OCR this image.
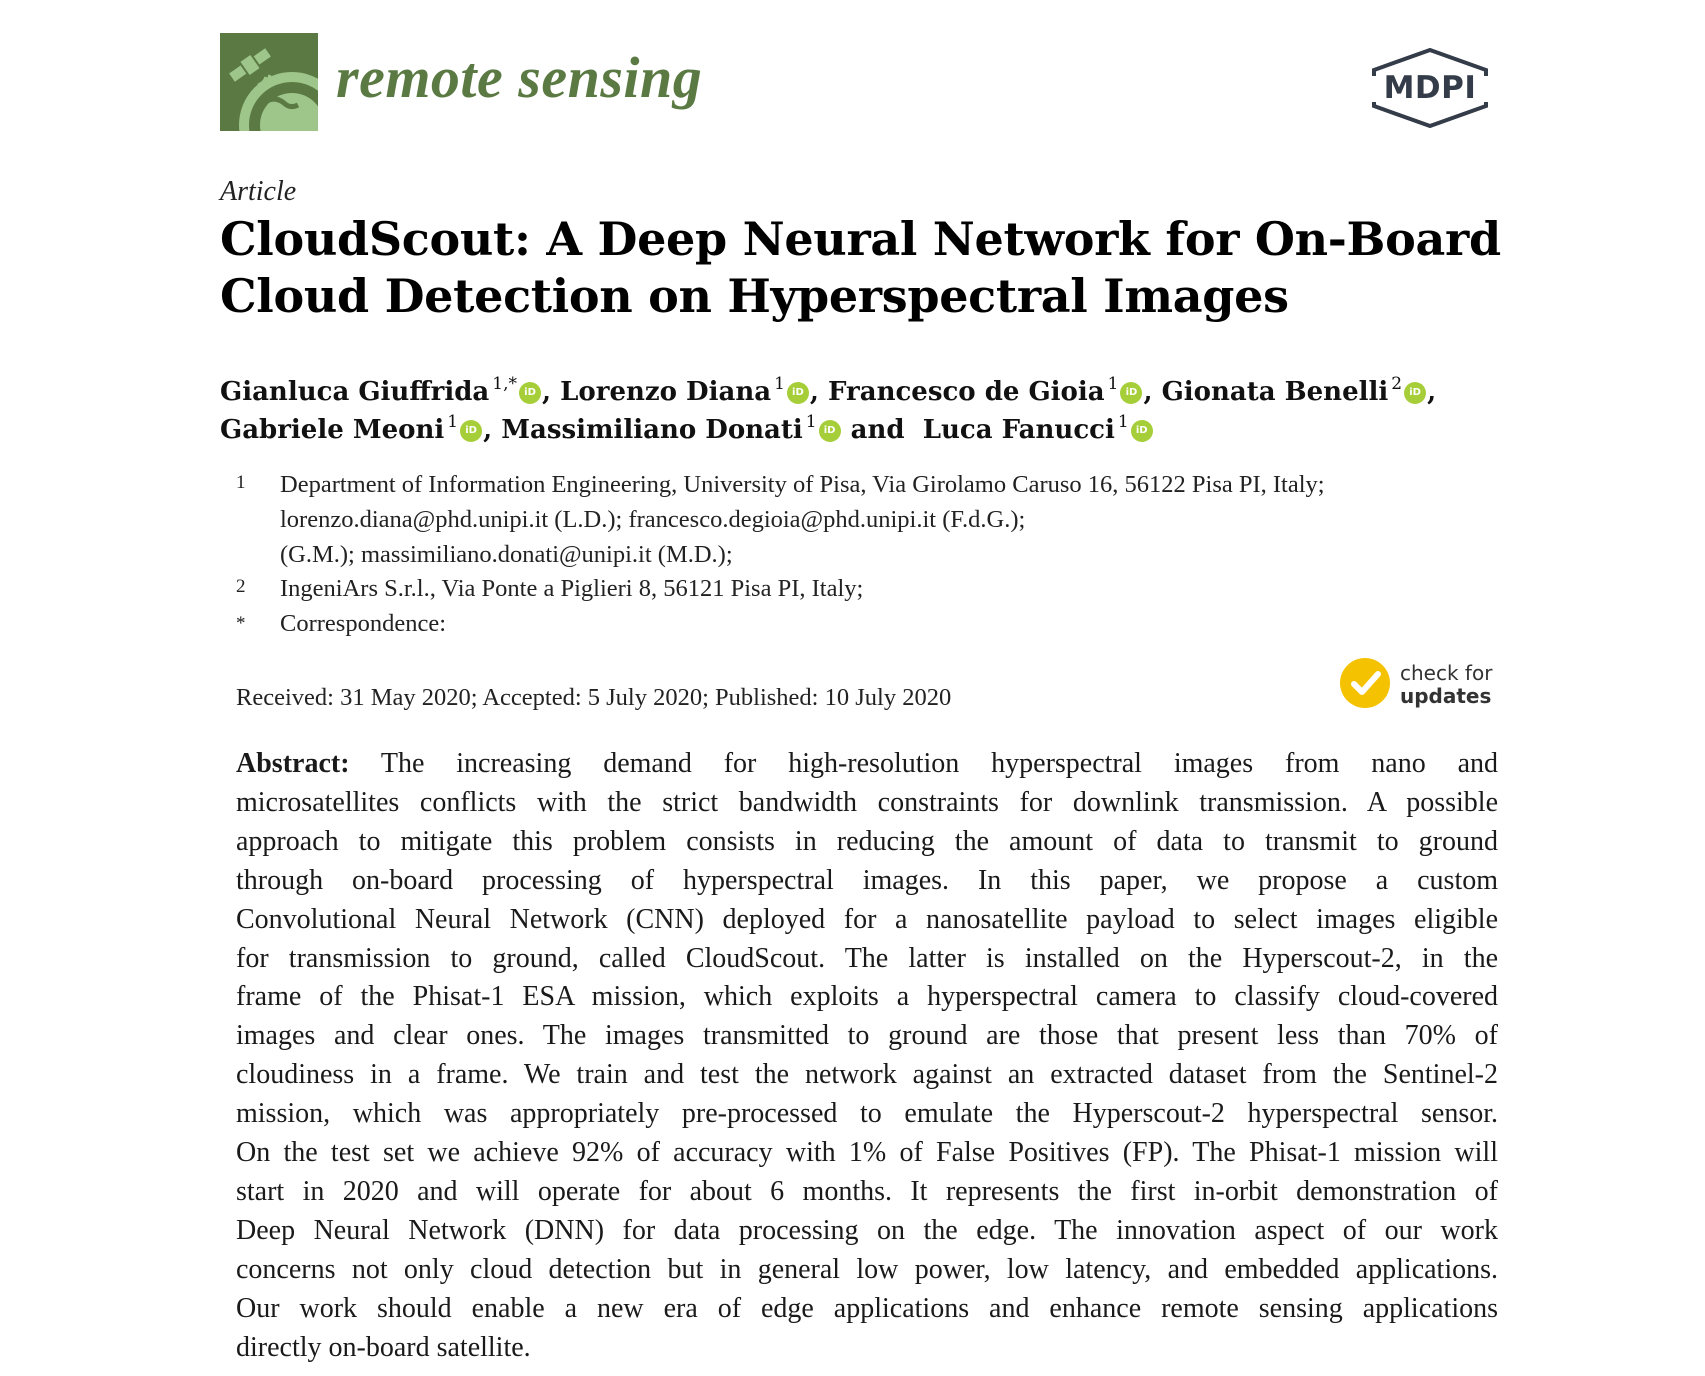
remote sensing	MDPI
Article
CloudScout: A Deep Neural Network for On-Board
Cloud Detection on Hyperspectral Images
Gianluca Giuffrida $^{1,*}$ iD , Lorenzo Diana $^1$ iD , Francesco de Gioia $^1$ iD , Gionata Benelli $^2$ iD ,
Gabriele Meoni $^1$ iD , Massimiliano Donati $^1$ iD and  Luca Fanucci $^1$ iD
1 Department of Information Engineering, University of Pisa, Via Girolamo Caruso 16, 56122 Pisa PI, Italy;
lorenzo.diana@phd.unipi.it (L.D.); francesco.degioia@phd.unipi.it (F.d.G.);
(G.M.); massimiliano.donati@unipi.it (M.D.);
2 IngeniArs S.r.l., Via Ponte a Piglieri 8, 56121 Pisa PI, Italy;
* Correspondence:
Received: 31 May 2020; Accepted: 5 July 2020; Published: 10 July 2020
check for
updates
Abstract: The increasing demand for high-resolution hyperspectral images from nano and
microsatellites conflicts with the strict bandwidth constraints for downlink transmission. A possible
approach to mitigate this problem consists in reducing the amount of data to transmit to ground
through on-board processing of hyperspectral images. In this paper, we propose a custom
Convolutional Neural Network (CNN) deployed for a nanosatellite payload to select images eligible
for transmission to ground, called CloudScout. The latter is installed on the Hyperscout-2, in the
frame of the Phisat-1 ESA mission, which exploits a hyperspectral camera to classify cloud-covered
images and clear ones. The images transmitted to ground are those that present less than 70% of
cloudiness in a frame. We train and test the network against an extracted dataset from the Sentinel-2
mission, which was appropriately pre-processed to emulate the Hyperscout-2 hyperspectral sensor.
On the test set we achieve 92% of accuracy with 1% of False Positives (FP). The Phisat-1 mission will
start in 2020 and will operate for about 6 months. It represents the first in-orbit demonstration of
Deep Neural Network (DNN) for data processing on the edge. The innovation aspect of our work
concerns not only cloud detection but in general low power, low latency, and embedded applications.
Our work should enable a new era of edge applications and enhance remote sensing applications
directly on-board satellite.
